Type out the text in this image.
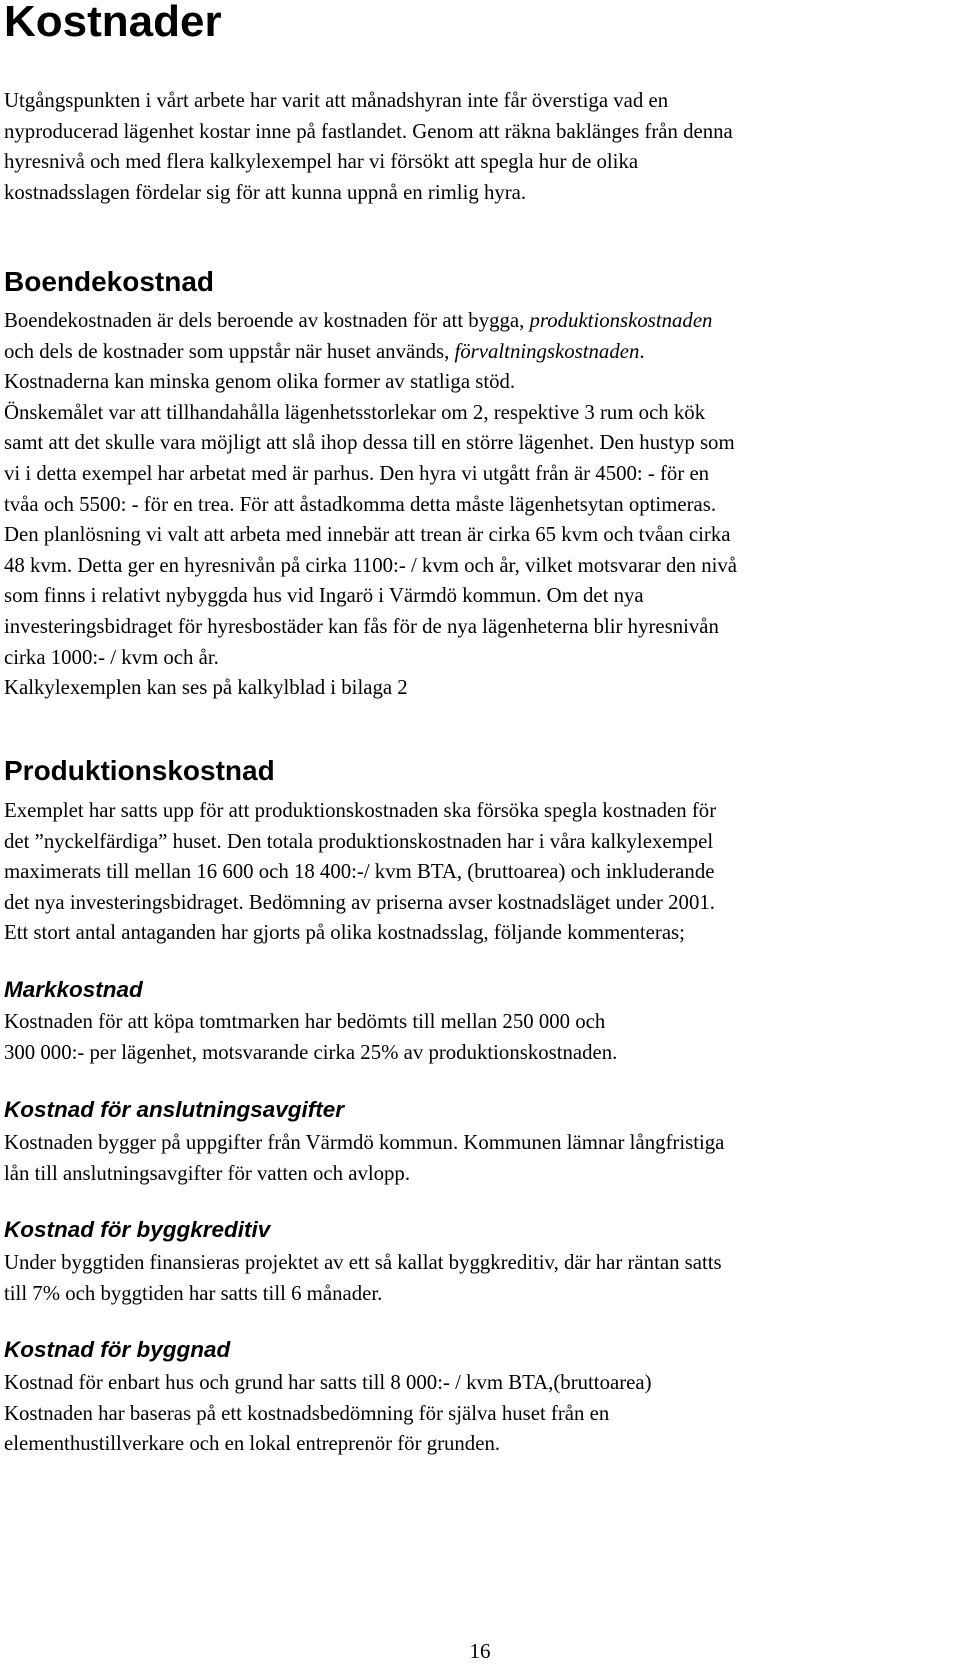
Kostnader
Utgångspunkten i vårt arbete har varit att månadshyran inte får överstiga vad en
nyproducerad lägenhet kostar inne på fastlandet. Genom att räkna baklänges från denna
hyresnivå och med flera kalkylexempel har vi försökt att spegla hur de olika
kostnadsslagen fördelar sig för att kunna uppnå en rimlig hyra.
Boendekostnad
Boendekostnaden är dels beroende av kostnaden för att bygga, produktionskostnaden
och dels de kostnader som uppstår när huset används, förvaltningskostnaden.
Kostnaderna kan minska genom olika former av statliga stöd.
Önskemålet var att tillhandahålla lägenhetsstorlekar om 2, respektive 3 rum och kök
samt att det skulle vara möjligt att slå ihop dessa till en större lägenhet. Den hustyp som
vi i detta exempel har arbetat med är parhus. Den hyra vi utgått från är 4500: - för en
tvåa och 5500: - för en trea. För att åstadkomma detta måste lägenhetsytan optimeras.
Den planlösning vi valt att arbeta med innebär att trean är cirka 65 kvm och tvåan cirka
48 kvm. Detta ger en hyresnivån på cirka 1100:- / kvm och år, vilket motsvarar den nivå
som finns i relativt nybyggda hus vid Ingarö i Värmdö kommun. Om det nya
investeringsbidraget för hyresbostäder kan fås för de nya lägenheterna blir hyresnivån
cirka 1000:- / kvm och år.
Kalkylexemplen kan ses på kalkylblad i bilaga 2
Produktionskostnad
Exemplet har satts upp för att produktionskostnaden ska försöka spegla kostnaden för
det ”nyckelfärdiga” huset. Den totala produktionskostnaden har i våra kalkylexempel
maximerats till mellan 16 600 och 18 400:-/ kvm BTA, (bruttoarea) och inkluderande
det nya investeringsbidraget. Bedömning av priserna avser kostnadsläget under 2001.
Ett stort antal antaganden har gjorts på olika kostnadsslag, följande kommenteras;
Markkostnad
Kostnaden för att köpa tomtmarken har bedömts till mellan 250 000 och
300 000:- per lägenhet, motsvarande cirka 25% av produktionskostnaden.
Kostnad för anslutningsavgifter
Kostnaden bygger på uppgifter från Värmdö kommun. Kommunen lämnar långfristiga
lån till anslutningsavgifter för vatten och avlopp.
Kostnad för byggkreditiv
Under byggtiden finansieras projektet av ett så kallat byggkreditiv, där har räntan satts
till 7% och byggtiden har satts till 6 månader.
Kostnad för byggnad
Kostnad för enbart hus och grund har satts till 8 000:- / kvm BTA,(bruttoarea)
Kostnaden har baseras på ett kostnadsbedömning för själva huset från en
elementhustillverkare och en lokal entreprenör för grunden.

16
